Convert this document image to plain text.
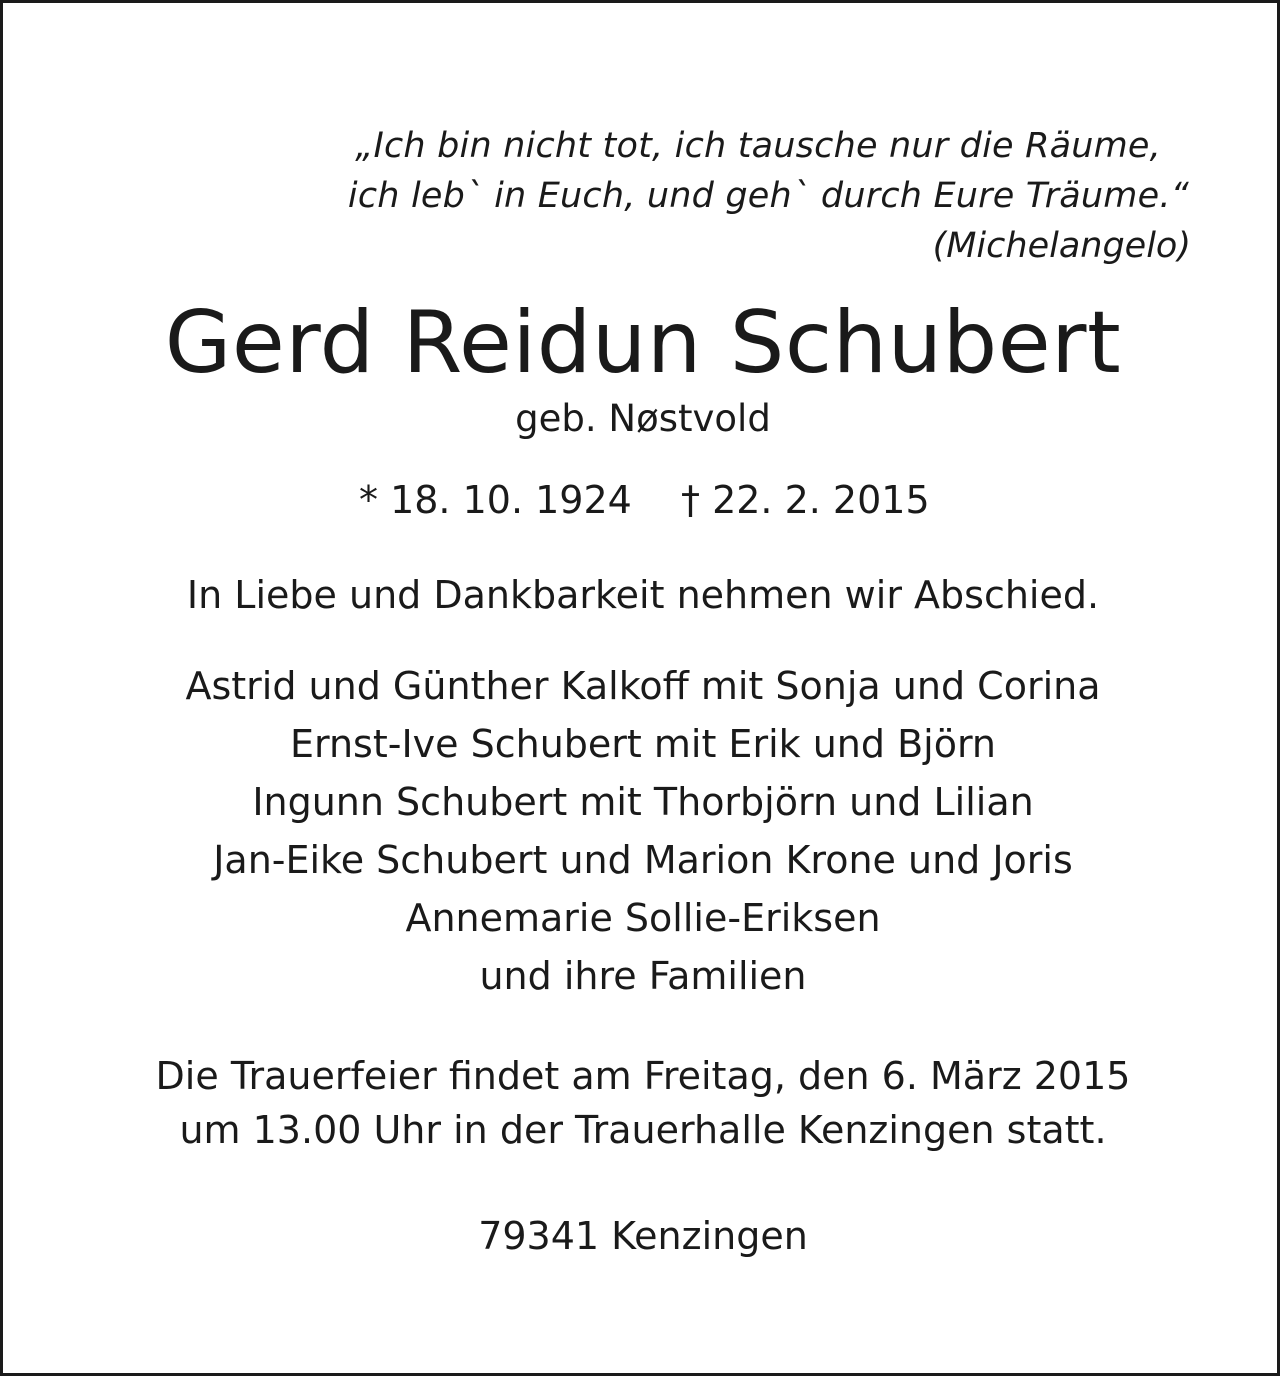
„Ich bin nicht tot, ich tausche nur die Räume,
ich leb` in Euch, und geh` durch Eure Träume.“
(Michelangelo)
Gerd Reidun Schubert
geb. Nøstvold
* 18. 10. 1924 † 22. 2. 2015
In Liebe und Dankbarkeit nehmen wir Abschied.
Astrid und Günther Kalkoff mit Sonja und Corina
Ernst-Ive Schubert mit Erik und Björn
Ingunn Schubert mit Thorbjörn und Lilian
Jan-Eike Schubert und Marion Krone und Joris
Annemarie Sollie-Eriksen
und ihre Familien
Die Trauerfeier findet am Freitag, den 6. März 2015
um 13.00 Uhr in der Trauerhalle Kenzingen statt.
79341 Kenzingen
